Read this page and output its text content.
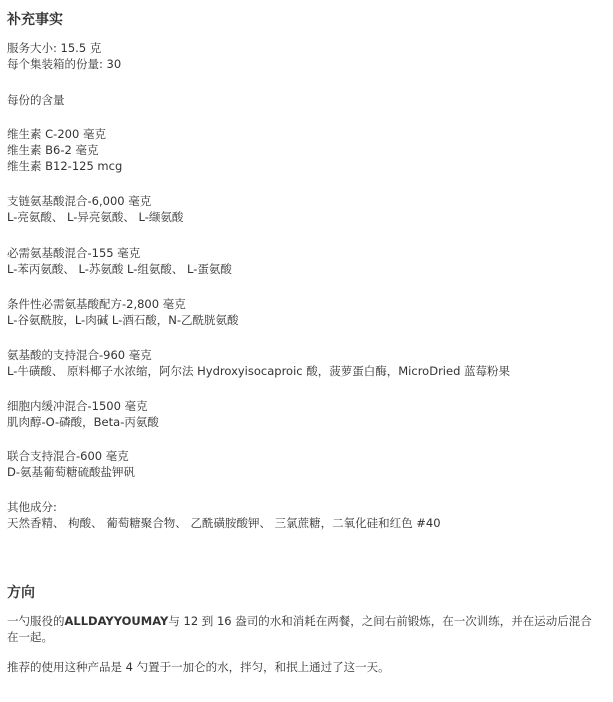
补充事实
服务大小: 15.5 克
每个集装箱的份量: 30
每份的含量
维生素 C-200 毫克
维生素 B6-2 毫克
维生素 B12-125 mcg
支链氨基酸混合-6,000 毫克
L-亮氨酸、 L-异亮氨酸、 L-缬氨酸
必需氨基酸混合-155 毫克
L-苯丙氨酸、 L-苏氨酸 L-组氨酸、 L-蛋氨酸
条件性必需氨基酸配方-2,800 毫克
L-谷氨酰胺，L-肉碱 L-酒石酸，N-乙酰胱氨酸
氨基酸的支持混合-960 毫克
L-牛磺酸、 原料椰子水浓缩，阿尔法 Hydroxyisocaproic 酸，菠萝蛋白酶，MicroDried 蓝莓粉果
细胞内缓冲混合-1500 毫克
肌肉醇-O-磷酸，Beta-丙氨酸
联合支持混合-600 毫克
D-氨基葡萄糖硫酸盐钾矾
其他成分:
天然香精、 枸酸、 葡萄糖聚合物、 乙酰磺胺酸钾、 三氯蔗糖，二氧化硅和红色 #40
方向
一勺服役的ALLDAYYOUMAY与 12 到 16 盎司的水和消耗在两餐，之间右前锻炼，在一次训练，并在运动后混合在一起。
推荐的使用这种产品是 4 勺置于一加仑的水，拌匀，和抿上通过了这一天。
